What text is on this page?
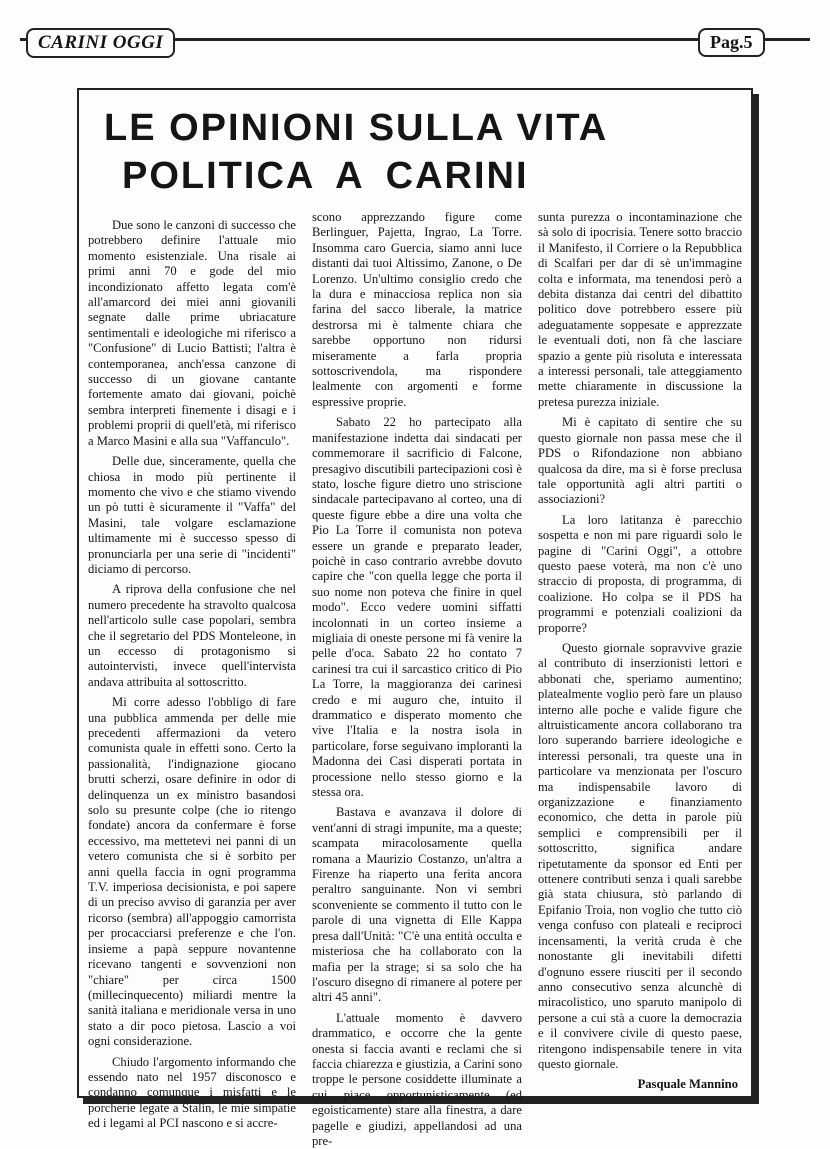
CARINI OGGI	Pag.5
LE OPINIONI SULLA VITA
POLITICA A CARINI

Due sono le canzoni di successo che potrebbero definire l'attuale mio momento esistenziale. Una risale ai primi anni 70 e gode del mio incondizionato affetto legata com'è all'amarcord dei miei anni giovanili segnate dalle prime ubriacature sentimentali e ideologiche mi riferisco a "Confusione" di Lucio Battisti; l'altra è contemporanea, anch'essa canzone di successo di un giovane cantante fortemente amato dai giovani, poichè sembra interpreti finemente i disagi e i problemi proprii di quell'età, mi riferisco a Marco Masini e alla sua "Vaffanculo".

Delle due, sinceramente, quella che chiosa in modo più pertinente il momento che vivo e che stiamo vivendo un pò tutti è sicuramente il "Vaffa" del Masini, tale volgare esclamazione ultimamente mi è successo spesso di pronunciarla per una serie di "incidenti" diciamo di percorso.

A riprova della confusione che nel numero precedente ha stravolto qualcosa nell'articolo sulle case popolari, sembra che il segretario del PDS Monteleone, in un eccesso di protagonismo si autointervisti, invece quell'intervista andava attribuita al sottoscritto.

Mi corre adesso l'obbligo di fare una pubblica ammenda per delle mie precedenti affermazioni da vetero comunista quale in effetti sono. Certo la passionalità, l'indignazione giocano brutti scherzi, osare definire in odor di delinquenza un ex ministro basandosi solo su presunte colpe (che io ritengo fondate) ancora da confermare è forse eccessivo, ma mettetevi nei panni di un vetero comunista che si è sorbito per anni quella faccia in ogni programma T.V. imperiosa decisionista, e poi sapere di un preciso avviso di garanzia per aver ricorso (sembra) all'appoggio camorrista per procacciarsi preferenze e che l'on. insieme a papà seppure novantenne ricevano tangenti e sovvenzioni non "chiare" per circa 1500 (millecinquecento) miliardi mentre la sanità italiana e meridionale versa in uno stato a dir poco pietosa. Lascio a voi ogni considerazione.

Chiudo l'argomento informando che essendo nato nel 1957 disconosco e condanno comunque i misfatti e le porcherie legate a Stalin, le mie simpatie ed i legami al PCI nascono e si accre-

scono apprezzando figure come Berlinguer, Pajetta, Ingrao, La Torre. Insomma caro Guercia, siamo anni luce distanti dai tuoi Altissimo, Zanone, o De Lorenzo. Un'ultimo consiglio credo che la dura e minacciosa replica non sia farina del sacco liberale, la matrice destrorsa mi è talmente chiara che sarebbe opportuno non ridursi miseramente a farla propria sottoscrivendola, ma rispondere lealmente con argomenti e forme espressive proprie.

Sabato 22 ho partecipato alla manifestazione indetta dai sindacati per commemorare il sacrificio di Falcone, presagivo discutibili partecipazioni così è stato, losche figure dietro uno striscione sindacale partecipavano al corteo, una di queste figure ebbe a dire una volta che Pio La Torre il comunista non poteva essere un grande e preparato leader, poichè in caso contrario avrebbe dovuto capire che "con quella legge che porta il suo nome non poteva che finire in quel modo". Ecco vedere uomini siffatti incolonnati in un corteo insieme a migliaia di oneste persone mi fà venire la pelle d'oca. Sabato 22 ho contato 7 carinesi tra cui il sarcastico critico di Pio La Torre, la maggioranza dei carinesi credo e mi auguro che, intuito il drammatico e disperato momento che vive l'Italia e la nostra isola in particolare, forse seguivano imploranti la Madonna dei Casi disperati portata in processione nello stesso giorno e la stessa ora.

Bastava e avanzava il dolore di vent'anni di stragi impunite, ma a queste; scampata miracolosamente quella romana a Maurizio Costanzo, un'altra a Firenze ha riaperto una ferita ancora peraltro sanguinante. Non vi sembri sconveniente se commento il tutto con le parole di una vignetta di Elle Kappa presa dall'Unità: "C'è una entità occulta e misteriosa che ha collaborato con la mafia per la strage; si sa solo che ha l'oscuro disegno di rimanere al potere per altri 45 anni".

L'attuale momento è davvero drammatico, e occorre che la gente onesta si faccia avanti e reclami che si faccia chiarezza e giustizia, a Carini sono troppe le persone cosiddette illuminate a cui piace opportunisticamente (ed egoisticamente) stare alla finestra, a dare pagelle e giudizi, appellandosi ad una pre-

sunta purezza o incontaminazione che sà solo di ipocrisia. Tenere sotto braccio il Manifesto, il Corriere o la Repubblica di Scalfari per dar di sè un'immagine colta e informata, ma tenendosi però a debita distanza dai centri del dibattito politico dove potrebbero essere più adeguatamente soppesate e apprezzate le eventuali doti, non fà che lasciare spazio a gente più risoluta e interessata a interessi personali, tale atteggiamento mette chiaramente in discussione la pretesa purezza iniziale.

Mi è capitato di sentire che su questo giornale non passa mese che il PDS o Rifondazione non abbiano qualcosa da dire, ma si è forse preclusa tale opportunità agli altri partiti o associazioni?

La loro latitanza è parecchio sospetta e non mi pare riguardi solo le pagine di "Carini Oggi", a ottobre questo paese voterà, ma non c'è uno straccio di proposta, di programma, di coalizione. Ho colpa se il PDS ha programmi e potenziali coalizioni da proporre?

Questo giornale sopravvive grazie al contributo di inserzionisti lettori e abbonati che, speriamo aumentino; platealmente voglio però fare un plauso interno alle poche e valide figure che altruisticamente ancora collaborano tra loro superando barriere ideologiche e interessi personali, tra queste una in particolare va menzionata per l'oscuro ma indispensabile lavoro di organizzazione e finanziamento economico, che detta in parole più semplici e comprensibili per il sottoscritto, significa andare ripetutamente da sponsor ed Enti per ottenere contributi senza i quali sarebbe già stata chiusura, stò parlando di Epifanio Troia, non voglio che tutto ciò venga confuso con plateali e reciproci incensamenti, la verità cruda è che nonostante gli inevitabili difetti d'ognuno essere riusciti per il secondo anno consecutivo senza alcunchè di miracolistico, uno sparuto manipolo di persone a cui stà a cuore la democrazia e il convivere civile di questo paese, ritengono indispensabile tenere in vita questo giornale.

Pasquale Mannino
